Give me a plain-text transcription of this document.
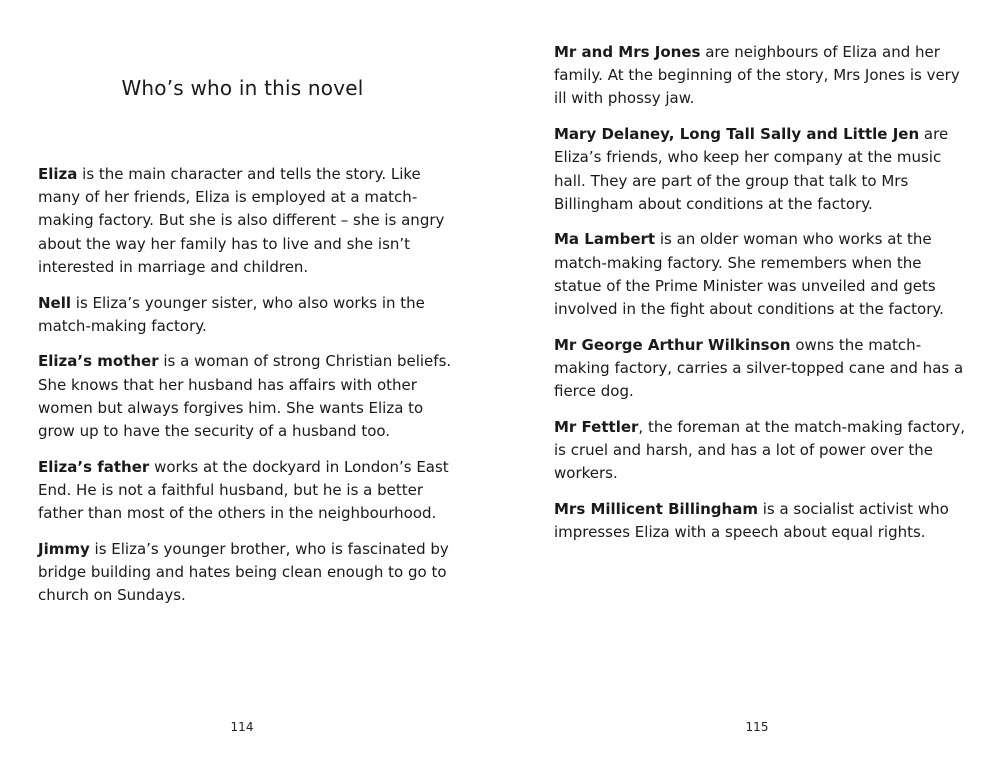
Who’s who in this novel

Eliza is the main character and tells the story. Like many of her friends, Eliza is employed at a match-making factory. But she is also different – she is angry about the way her family has to live and she isn’t interested in marriage and children.

Nell is Eliza’s younger sister, who also works in the match-making factory.

Eliza’s mother is a woman of strong Christian beliefs. She knows that her husband has affairs with other women but always forgives him. She wants Eliza to grow up to have the security of a husband too.

Eliza’s father works at the dockyard in London’s East End. He is not a faithful husband, but he is a better father than most of the others in the neighbourhood.

Jimmy is Eliza’s younger brother, who is fascinated by bridge building and hates being clean enough to go to church on Sundays.

114

Mr and Mrs Jones are neighbours of Eliza and her family. At the beginning of the story, Mrs Jones is very ill with phossy jaw.

Mary Delaney, Long Tall Sally and Little Jen are Eliza’s friends, who keep her company at the music hall. They are part of the group that talk to Mrs Billingham about conditions at the factory.

Ma Lambert is an older woman who works at the match-making factory. She remembers when the statue of the Prime Minister was unveiled and gets involved in the fight about conditions at the factory.

Mr George Arthur Wilkinson owns the match-making factory, carries a silver-topped cane and has a fierce dog.

Mr Fettler, the foreman at the match-making factory, is cruel and harsh, and has a lot of power over the workers.

Mrs Millicent Billingham is a socialist activist who impresses Eliza with a speech about equal rights.

115
